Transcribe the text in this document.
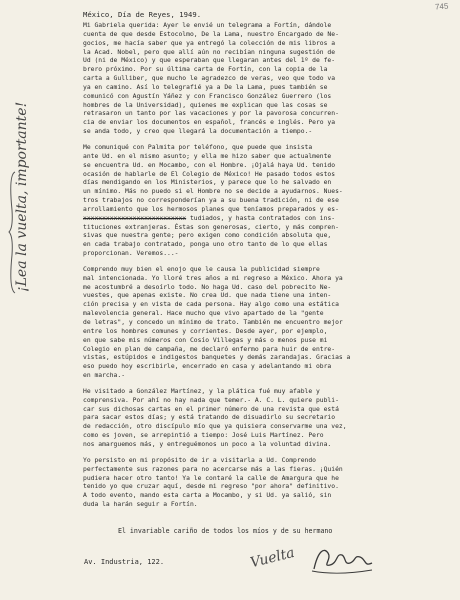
745
¡Lea la vuelta, importante!
México, Día de Reyes, 1949.
Mi Gabriela querida: Ayer le envié un telegrama a Fortín, dándole
cuenta de que desde Estocolmo, De la Lama, nuestro Encargado de Ne-
gocios, me hacía saber que ya entregó la colección de mis libros a
la Acad. Nobel, pero que allí aún no recibían ninguna sugestión de
Ud (ni de México) y que esperaban que llegaran antes del 1º de fe-
brero próximo. Por su última carta de Fortín, con la copia de la
carta a Gulliber, que mucho le agradezco de veras, veo que todo va
ya en camino. Así lo telegrafié ya a De la Lama, pues también se
comunicó con Agustín Yáñez y con Francisco González Guerrero (los
hombres de la Universidad), quienes me explican que las cosas se
retrasaron un tanto por las vacaciones y por la pavorosa concurren-
cia de enviar los documentos en español, francés e inglés. Pero ya
se anda todo, y creo que llegará la documentación a tiempo.-
Me comuniqué con Palmita por teléfono, que puede que insista
ante Ud. en el mismo asunto; y ella me hizo saber que actualmente
se encuentra Ud. en Mocambo, con el Hombre. ¡Ojalá haya Ud. tenido
ocasión de hablarle de El Colegio de México! He pasado todos estos
días mendigando en los Ministerios, y parece que lo he salvado en
un mínimo. Más no puedo si el Hombre no se decide a ayudarnos. Nues-
tros trabajos no corresponderían ya a su buena tradición, ni de ese
arrollamiento que los hermosos planes que teníamos preparados y es-
xxxxxxxxxxxxxxxxxxxxxxxxxxx tudiados, y hasta contratados con ins-
tituciones extranjeras. Éstas son generosas, cierto, y más compren-
sivas que nuestra gente; pero exigen como condición absoluta que,
en cada trabajo contratado, ponga uno otro tanto de lo que ellas
proporcionan. Veremos...-
Comprendo muy bien el enojo que le causa la publicidad siempre
mal intencionada. Yo lloré tres años a mi regreso a México. Ahora ya
me acostumbré a desoírlo todo. No haga Ud. caso del pobrecito Ne-
vuestes, que apenas existe. No crea Ud. que nada tiene una inten-
ción precisa y en vista de cada persona. Hay algo como una estática
malevolencia general. Hace mucho que vivo apartado de la "gente
de letras", y concedo un mínimo de trato. También me encuentro mejor
entre los hombres comunes y corrientes. Desde ayer, por ejemplo,
en que sabe mis números con Cosío Villegas y más o menos puse mi
Colegio en plan de campaña, me declaró enfermo para huir de entre-
vistas, estúpidos e indigestos banquetes y demás zarandajas. Gracias a
eso puedo hoy escribirle, encerrado en casa y adelantando mi obra
en marcha.-
He visitado a González Martínez, y la plática fué muy afable y
comprensiva. Por ahí no hay nada que temer.- A. C. L. quiere publi-
car sus dichosas cartas en el primer número de una revista que está
para sacar estos días; y está tratando de disuadirlo su secretario
de redacción, otro discípulo mío que ya quisiera conservarme una vez,
como es joven, se arrepintió a tiempo: José Luis Martínez. Pero
nos amarguemos más, y entreguémonos un poco a la voluntad divina.
Yo persisto en mi propósito de ir a visitarla a Ud. Comprendo
perfectamente sus razones para no acercarse más a las fieras. ¡Quién
pudiera hacer otro tanto! Ya le contaré la calle de Amargura que he
tenido yo que cruzar aquí, desde mi regreso "por ahora" definitivo.
A todo evento, mando esta carta a Mocambo, y si Ud. ya salió, sin
duda la harán seguir a Fortín.
El invariable cariño de todos los míos y de su hermano
Av. Industria, 122.	Vuelta
